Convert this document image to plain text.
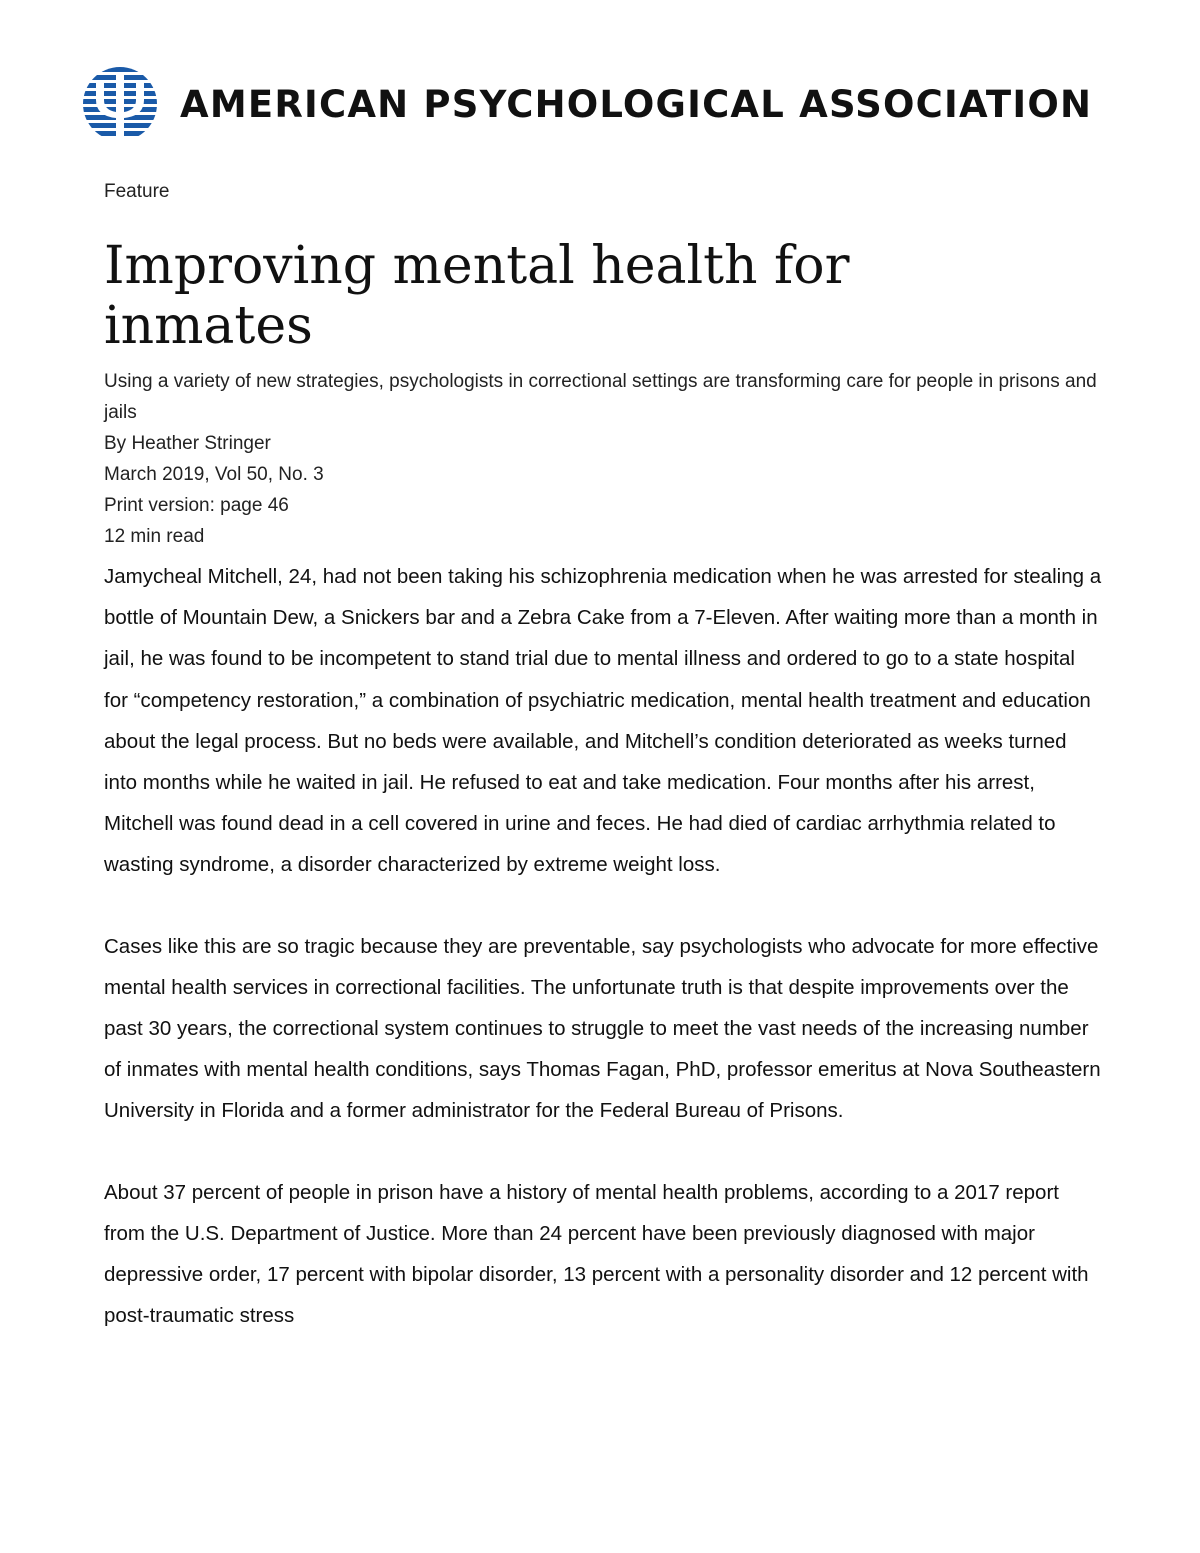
AMERICAN PSYCHOLOGICAL ASSOCIATION
Feature
Improving mental health for inmates
Using a variety of new strategies, psychologists in correctional settings are transforming care for people in prisons and jails
By Heather Stringer
March 2019, Vol 50, No. 3
Print version: page 46
12 min read

Jamycheal Mitchell, 24, had not been taking his schizophrenia medication when he was arrested for stealing a bottle of Mountain Dew, a Snickers bar and a Zebra Cake from a 7-Eleven. After waiting more than a month in jail, he was found to be incompetent to stand trial due to mental illness and ordered to go to a state hospital for “competency restoration,” a combination of psychiatric medication, mental health treatment and education about the legal process. But no beds were available, and Mitchell’s condition deteriorated as weeks turned into months while he waited in jail. He refused to eat and take medication. Four months after his arrest, Mitchell was found dead in a cell covered in urine and feces. He had died of cardiac arrhythmia related to wasting syndrome, a disorder characterized by extreme weight loss.

Cases like this are so tragic because they are preventable, say psychologists who advocate for more effective mental health services in correctional facilities. The unfortunate truth is that despite improvements over the past 30 years, the correctional system continues to struggle to meet the vast needs of the increasing number of inmates with mental health conditions, says Thomas Fagan, PhD, professor emeritus at Nova Southeastern University in Florida and a former administrator for the Federal Bureau of Prisons.

About 37 percent of people in prison have a history of mental health problems, according to a 2017 report from the U.S. Department of Justice. More than 24 percent have been previously diagnosed with major depressive order, 17 percent with bipolar disorder, 13 percent with a personality disorder and 12 percent with post-traumatic stress
